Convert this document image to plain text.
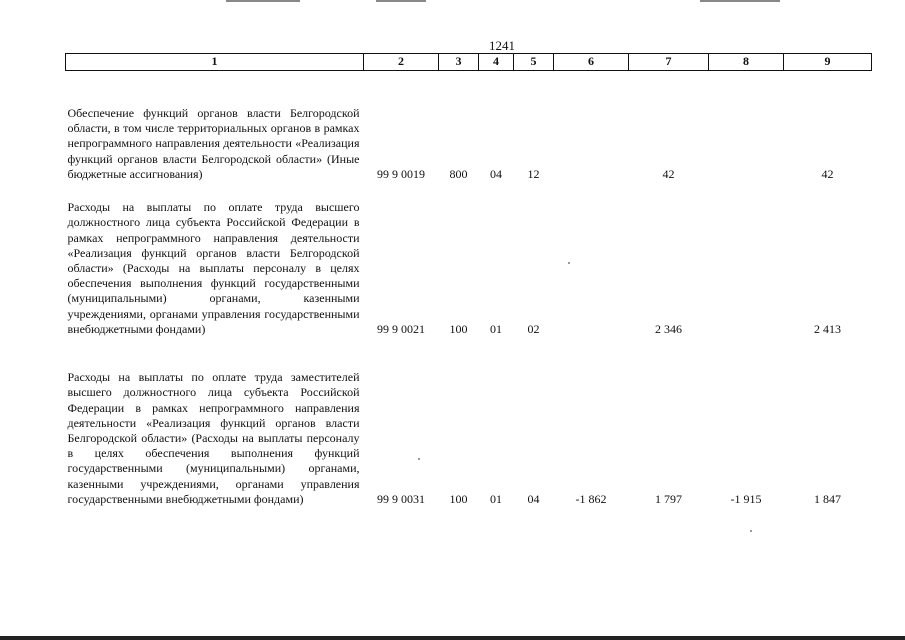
1241
1	2	3	4	5	6	7	8	9
Обеспечение функций органов власти Белгородской области, в том числе территориальных органов в рамках непрограммного направления деятельности «Реализация функций органов власти Белгородской области» (Иные бюджетные ассигнования)	99 9 0019	800	04	12		42		42
Расходы на выплаты по оплате труда высшего должностного лица субъекта Российской Федерации в рамках непрограммного направления деятельности «Реализация функций органов власти Белгородской области» (Расходы на выплаты персоналу в целях обеспечения выполнения функций государственными (муниципальными) органами, казенными учреждениями, органами управления государственными внебюджетными фондами)	99 9 0021	100	01	02		2 346		2 413
Расходы на выплаты по оплате труда заместителей высшего должностного лица субъекта Российской Федерации в рамках непрограммного направления деятельности «Реализация функций органов власти Белгородской области» (Расходы на выплаты персоналу в целях обеспечения выполнения функций государственными (муниципальными) органами, казенными учреждениями, органами управления государственными внебюджетными фондами)	99 9 0031	100	01	04	-1 862	1 797	-1 915	1 847
